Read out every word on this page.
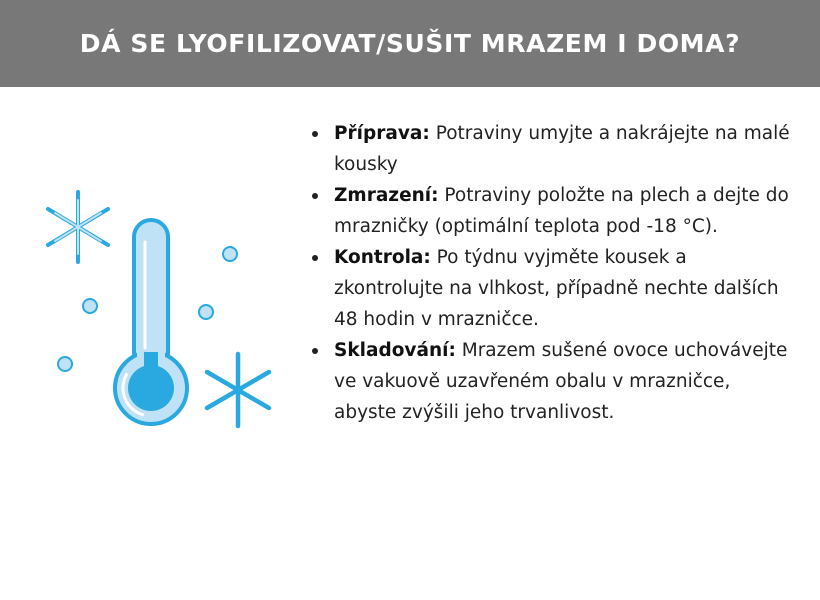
DÁ SE LYOFILIZOVAT/SUŠIT MRAZEM I DOMA?
Příprava: Potraviny umyjte a nakrájejte na malé kousky
Zmrazení: Potraviny položte na plech a dejte do mrazničky (optimální teplota pod -18 °C).
Kontrola: Po týdnu vyjměte kousek a zkontrolujte na vlhkost, případně nechte dalších 48 hodin v mrazničce.
Skladování: Mrazem sušené ovoce uchovávejte ve vakuově uzavřeném obalu v mrazničce, abyste zvýšili jeho trvanlivost.
